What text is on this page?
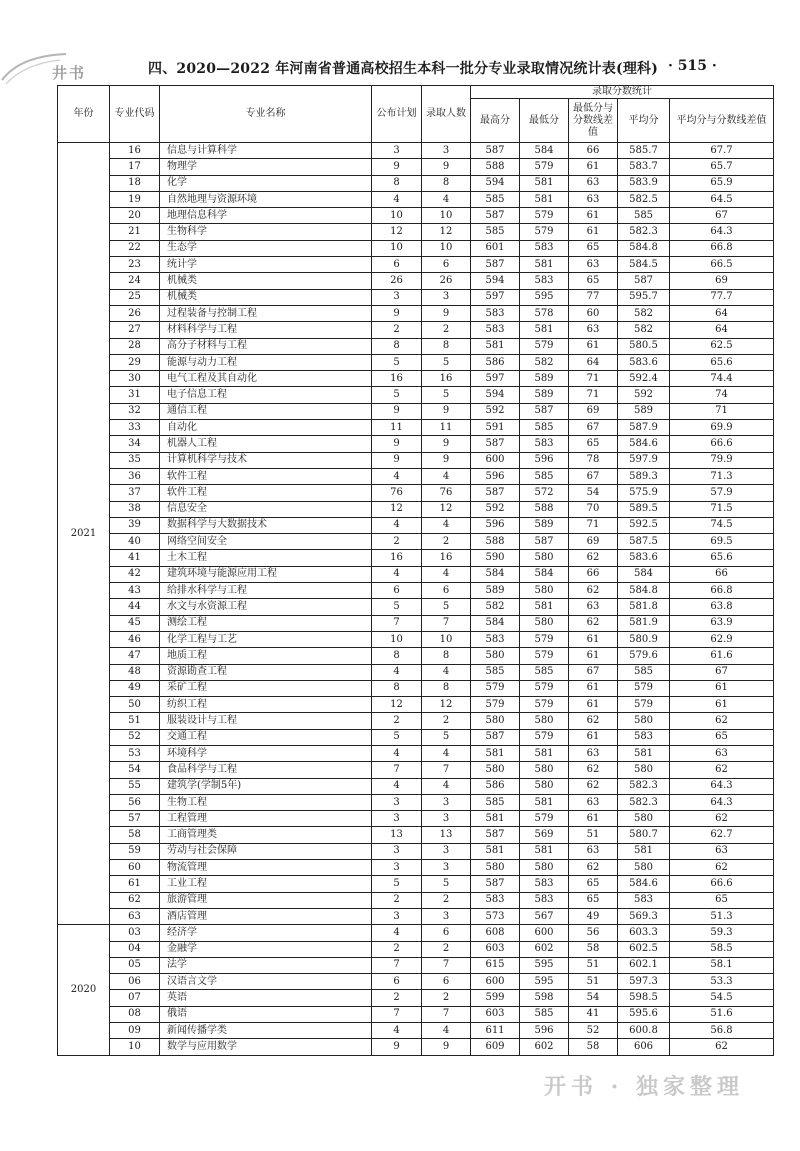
井书	四、2020—2022 年河南省普通高校招生本科一批分专业录取情况统计表(理科) · 515 ·
年份	专业代码	专业名称	公布计划	录取人数	录取分数统计				
					最高分	最低分	最低分与分数线差值	平均分	平均分与分数线差值
2021	16	信息与计算科学	3	3	587	584	66	585.7	67.7
	17	物理学	9	9	588	579	61	583.7	65.7
	18	化学	8	8	594	581	63	583.9	65.9
	19	自然地理与资源环境	4	4	585	581	63	582.5	64.5
	20	地理信息科学	10	10	587	579	61	585	67
	21	生物科学	12	12	585	579	61	582.3	64.3
	22	生态学	10	10	601	583	65	584.8	66.8
	23	统计学	6	6	587	581	63	584.5	66.5
	24	机械类	26	26	594	583	65	587	69
	25	机械类	3	3	597	595	77	595.7	77.7
	26	过程装备与控制工程	9	9	583	578	60	582	64
	27	材料科学与工程	2	2	583	581	63	582	64
	28	高分子材料与工程	8	8	581	579	61	580.5	62.5
	29	能源与动力工程	5	5	586	582	64	583.6	65.6
	30	电气工程及其自动化	16	16	597	589	71	592.4	74.4
	31	电子信息工程	5	5	594	589	71	592	74
	32	通信工程	9	9	592	587	69	589	71
	33	自动化	11	11	591	585	67	587.9	69.9
	34	机器人工程	9	9	587	583	65	584.6	66.6
	35	计算机科学与技术	9	9	600	596	78	597.9	79.9
	36	软件工程	4	4	596	585	67	589.3	71.3
	37	软件工程	76	76	587	572	54	575.9	57.9
	38	信息安全	12	12	592	588	70	589.5	71.5
	39	数据科学与大数据技术	4	4	596	589	71	592.5	74.5
	40	网络空间安全	2	2	588	587	69	587.5	69.5
	41	土木工程	16	16	590	580	62	583.6	65.6
	42	建筑环境与能源应用工程	4	4	584	584	66	584	66
	43	给排水科学与工程	6	6	589	580	62	584.8	66.8
	44	水文与水资源工程	5	5	582	581	63	581.8	63.8
	45	测绘工程	7	7	584	580	62	581.9	63.9
	46	化学工程与工艺	10	10	583	579	61	580.9	62.9
	47	地质工程	8	8	580	579	61	579.6	61.6
	48	资源勘查工程	4	4	585	585	67	585	67
	49	采矿工程	8	8	579	579	61	579	61
	50	纺织工程	12	12	579	579	61	579	61
	51	服装设计与工程	2	2	580	580	62	580	62
	52	交通工程	5	5	587	579	61	583	65
	53	环境科学	4	4	581	581	63	581	63
	54	食品科学与工程	7	7	580	580	62	580	62
	55	建筑学(学制5年)	4	4	586	580	62	582.3	64.3
	56	生物工程	3	3	585	581	63	582.3	64.3
	57	工程管理	3	3	581	579	61	580	62
	58	工商管理类	13	13	587	569	51	580.7	62.7
	59	劳动与社会保障	3	3	581	581	63	581	63
	60	物流管理	3	3	580	580	62	580	62
	61	工业工程	5	5	587	583	65	584.6	66.6
	62	旅游管理	2	2	583	583	65	583	65
	63	酒店管理	3	3	573	567	49	569.3	51.3
2020	03	经济学	4	6	608	600	56	603.3	59.3
	04	金融学	2	2	603	602	58	602.5	58.5
	05	法学	7	7	615	595	51	602.1	58.1
	06	汉语言文学	6	6	600	595	51	597.3	53.3
	07	英语	2	2	599	598	54	598.5	54.5
	08	俄语	7	7	603	585	41	595.6	51.6
	09	新闻传播学类	4	4	611	596	52	600.8	56.8
	10	数学与应用数学	9	9	609	602	58	606	62
开书 · 独家整理
